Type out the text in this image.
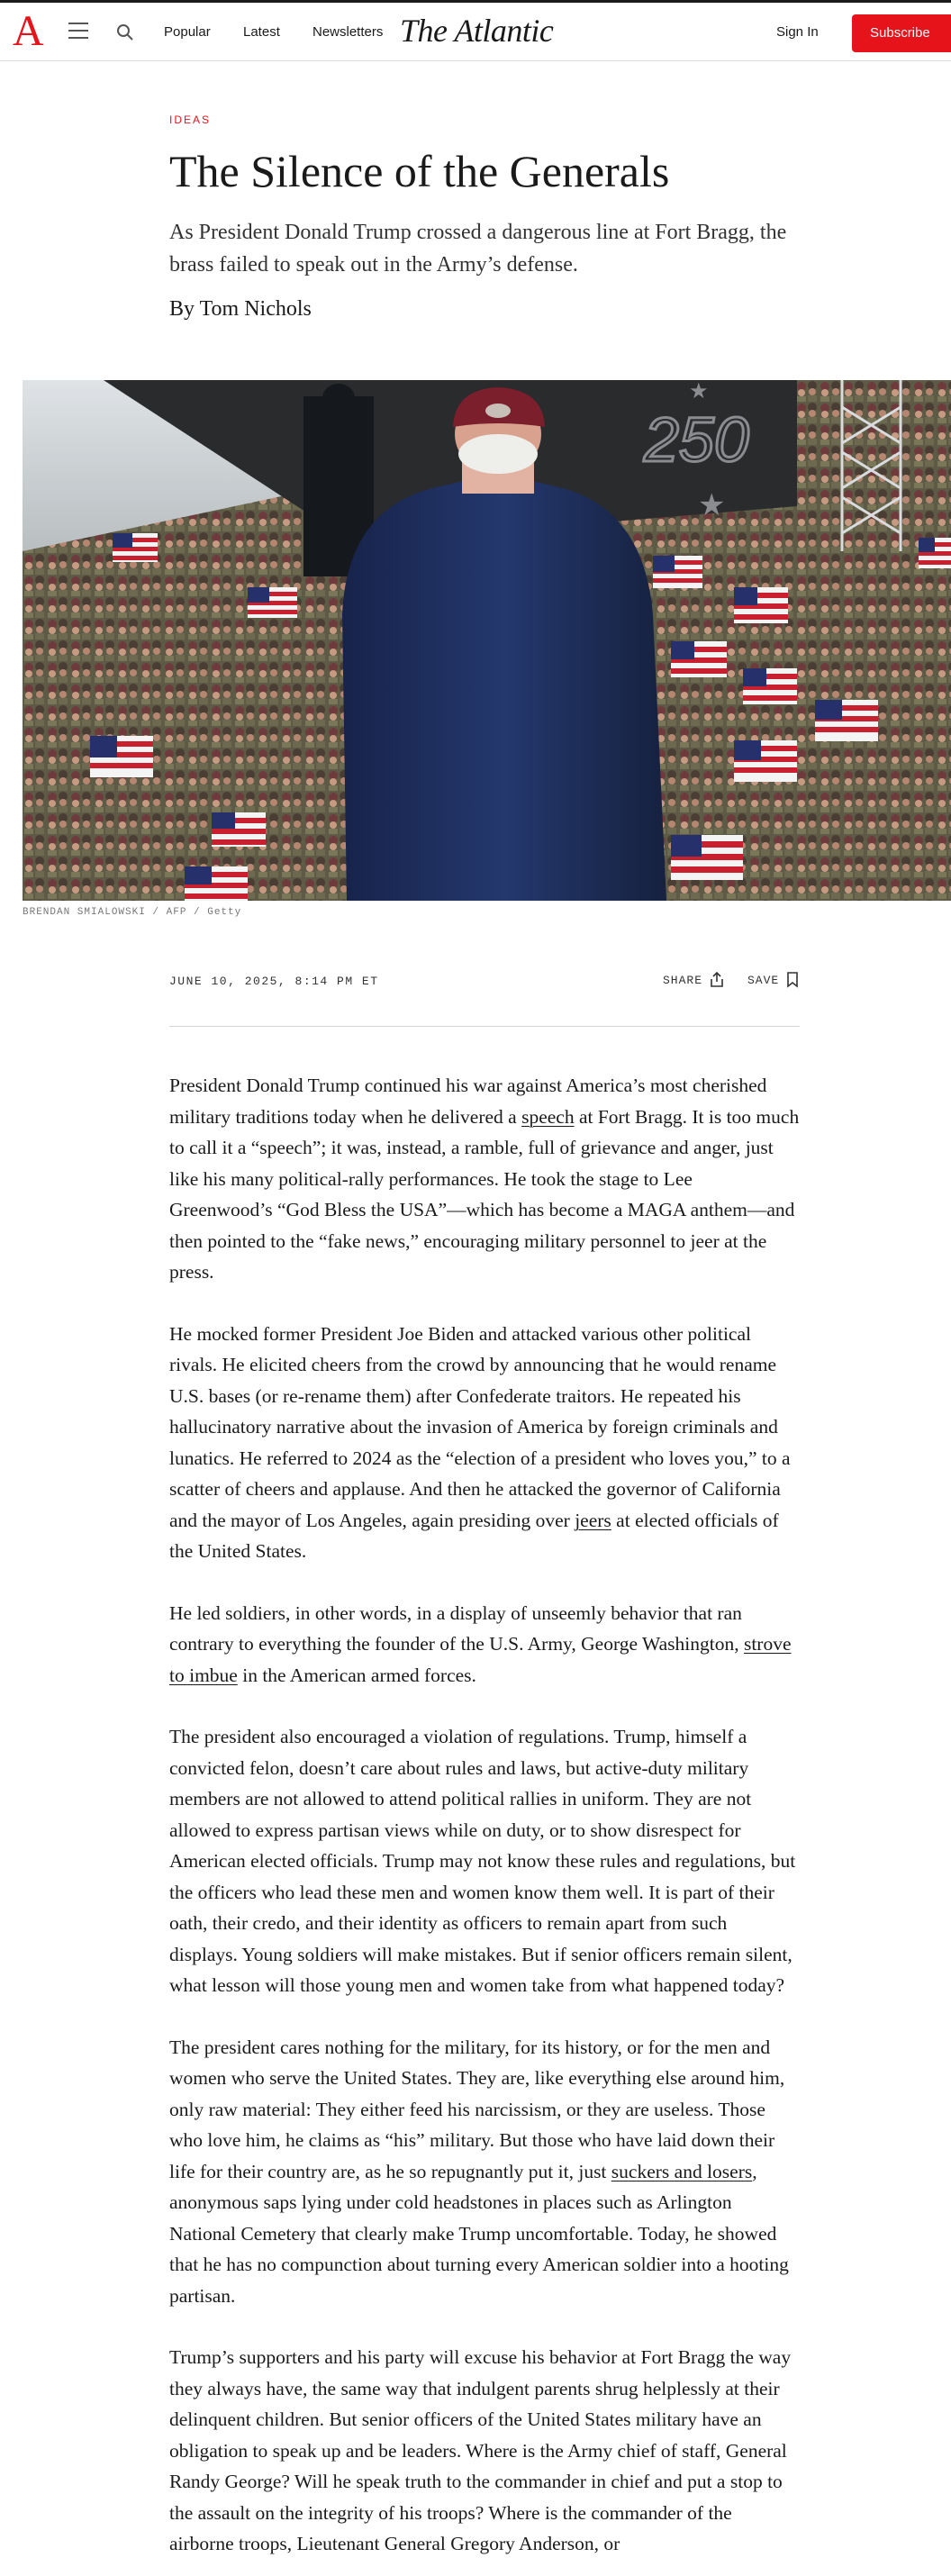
A	Popular Latest Newsletters The Atlantic	Sign In	Subscribe
IDEAS
The Silence of the Generals
As President Donald Trump crossed a dangerous line at Fort Bragg, the brass failed to speak out in the Army’s defense.
By Tom Nichols
250
★
★
BRENDAN SMIALOWSKI / AFP / Getty
JUNE 10, 2025, 8:14 PM ET	SHARE	SAVE

President Donald Trump continued his war against America’s most cherished military traditions today when he delivered a speech at Fort Bragg. It is too much to call it a “speech”; it was, instead, a ramble, full of grievance and anger, just like his many political-rally performances. He took the stage to Lee Greenwood’s “God Bless the USA”—which has become a MAGA anthem—and then pointed to the “fake news,” encouraging military personnel to jeer at the press.

He mocked former President Joe Biden and attacked various other political rivals. He elicited cheers from the crowd by announcing that he would rename U.S. bases (or re-rename them) after Confederate traitors. He repeated his hallucinatory narrative about the invasion of America by foreign criminals and lunatics. He referred to 2024 as the “election of a president who loves you,” to a scatter of cheers and applause. And then he attacked the governor of California and the mayor of Los Angeles, again presiding over jeers at elected officials of the United States.

He led soldiers, in other words, in a display of unseemly behavior that ran contrary to everything the founder of the U.S. Army, George Washington, strove to imbue in the American armed forces.

The president also encouraged a violation of regulations. Trump, himself a convicted felon, doesn’t care about rules and laws, but active-duty military members are not allowed to attend political rallies in uniform. They are not allowed to express partisan views while on duty, or to show disrespect for American elected officials. Trump may not know these rules and regulations, but the officers who lead these men and women know them well. It is part of their oath, their credo, and their identity as officers to remain apart from such displays. Young soldiers will make mistakes. But if senior officers remain silent, what lesson will those young men and women take from what happened today?

The president cares nothing for the military, for its history, or for the men and women who serve the United States. They are, like everything else around him, only raw material: They either feed his narcissism, or they are useless. Those who love him, he claims as “his” military. But those who have laid down their life for their country are, as he so repugnantly put it, just suckers and losers, anonymous saps lying under cold headstones in places such as Arlington National Cemetery that clearly make Trump uncomfortable. Today, he showed that he has no compunction about turning every American soldier into a hooting partisan.

Trump’s supporters and his party will excuse his behavior at Fort Bragg the way they always have, the same way that indulgent parents shrug helplessly at their delinquent children. But senior officers of the United States military have an obligation to speak up and be leaders. Where is the Army chief of staff, General Randy George? Will he speak truth to the commander in chief and put a stop to the assault on the integrity of his troops? Where is the commander of the airborne troops, Lieutenant General Gregory Anderson, or
